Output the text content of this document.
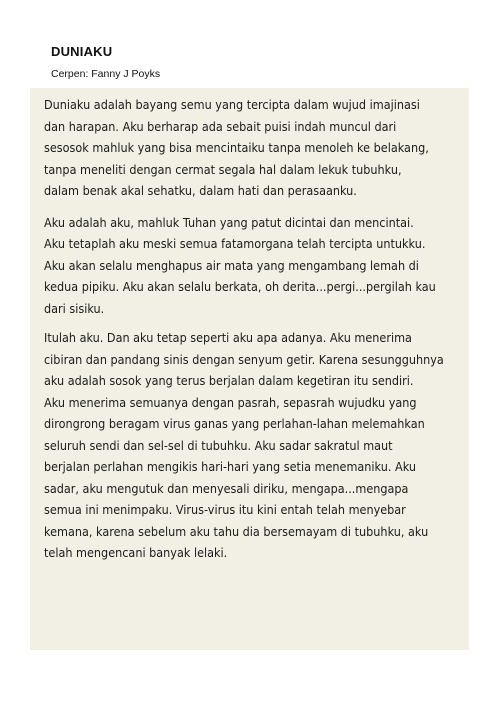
DUNIAKU

Cerpen: Fanny J Poyks

Duniaku adalah bayang semu yang tercipta dalam wujud imajinasi
dan harapan. Aku berharap ada sebait puisi indah muncul dari
sesosok mahluk yang bisa mencintaiku tanpa menoleh ke belakang,
tanpa meneliti dengan cermat segala hal dalam lekuk tubuhku,
dalam benak akal sehatku, dalam hati dan perasaanku.

Aku adalah aku, mahluk Tuhan yang patut dicintai dan mencintai.
Aku tetaplah aku meski semua fatamorgana telah tercipta untukku.
Aku akan selalu menghapus air mata yang mengambang lemah di
kedua pipiku. Aku akan selalu berkata, oh derita...pergi...pergilah kau
dari sisiku.

Itulah aku. Dan aku tetap seperti aku apa adanya. Aku menerima
cibiran dan pandang sinis dengan senyum getir. Karena sesungguhnya
aku adalah sosok yang terus berjalan dalam kegetiran itu sendiri.
Aku menerima semuanya dengan pasrah, sepasrah wujudku yang
dirongrong beragam virus ganas yang perlahan-lahan melemahkan
seluruh sendi dan sel-sel di tubuhku. Aku sadar sakratul maut
berjalan perlahan mengikis hari-hari yang setia menemaniku. Aku
sadar, aku mengutuk dan menyesali diriku, mengapa...mengapa
semua ini menimpaku. Virus-virus itu kini entah telah menyebar
kemana, karena sebelum aku tahu dia bersemayam di tubuhku, aku
telah mengencani banyak lelaki.
